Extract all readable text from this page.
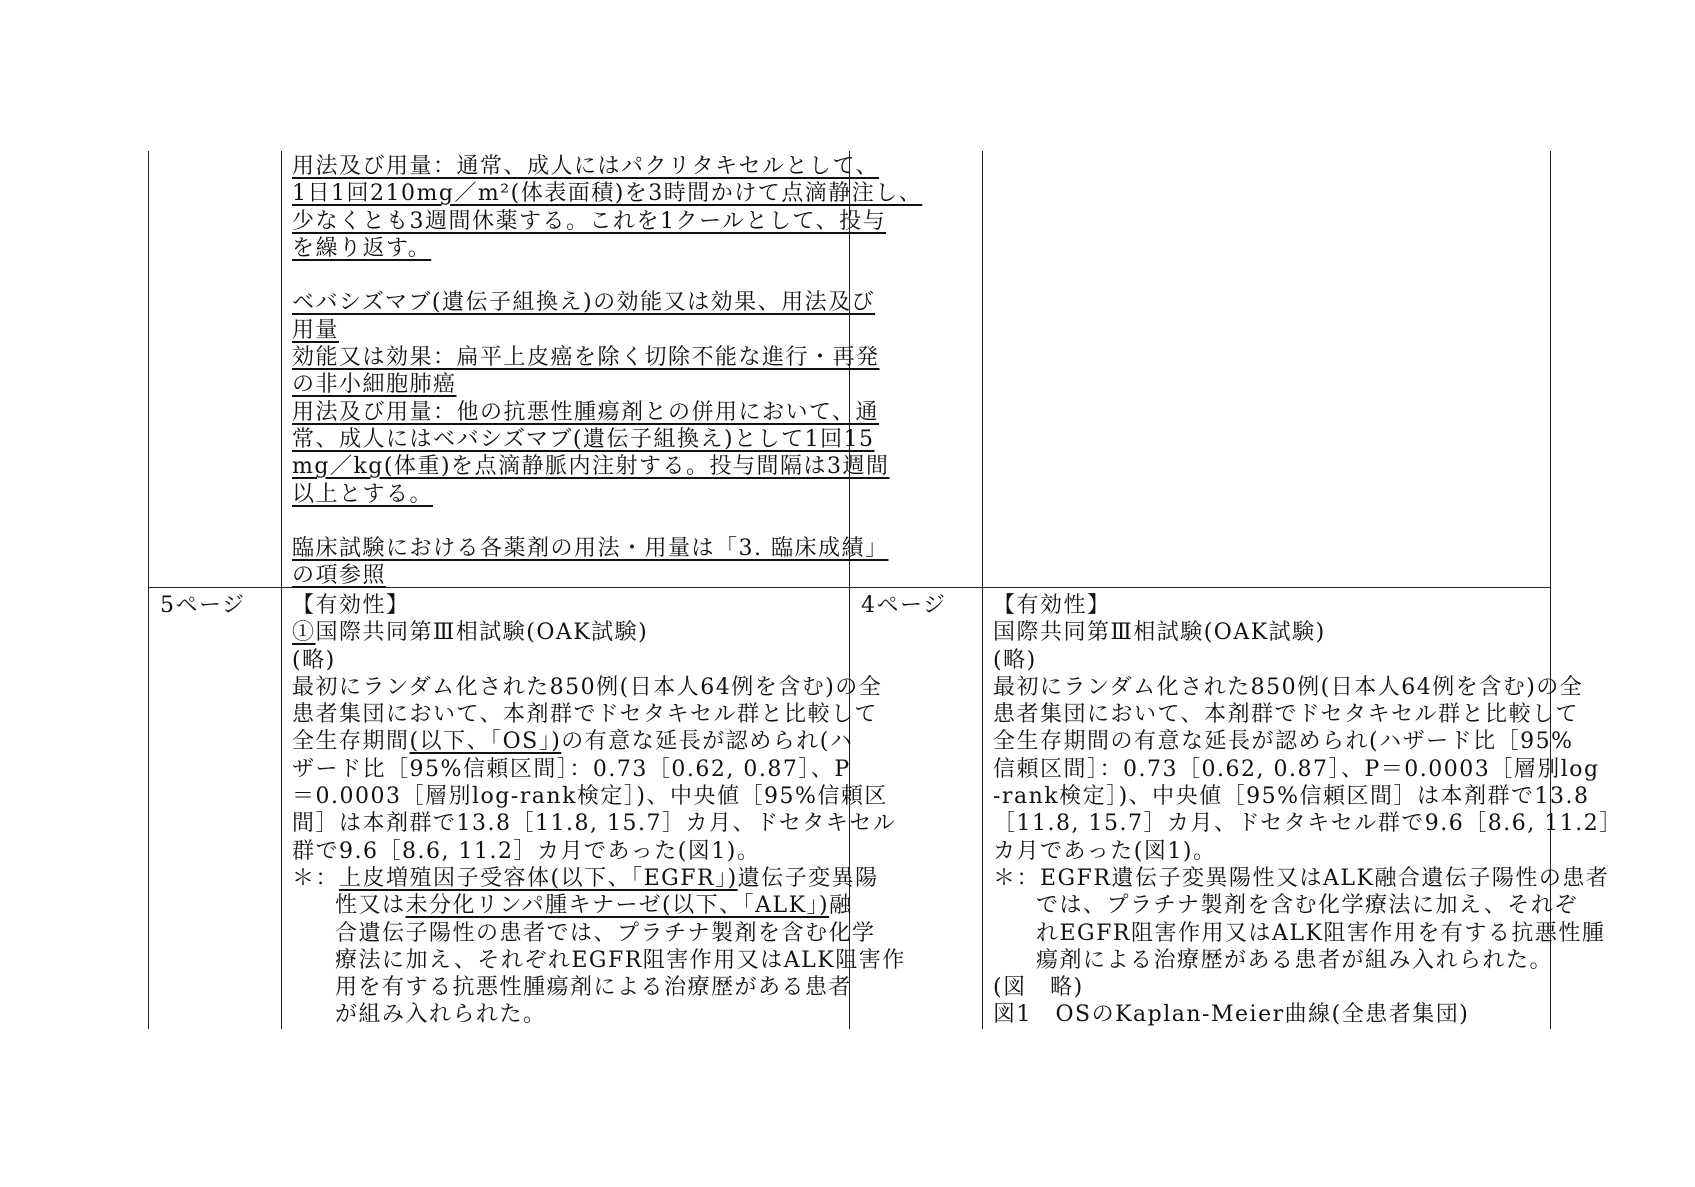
用法及び用量：通常、成人にはパクリタキセルとして、
1日1回210mg／m²(体表面積)を3時間かけて点滴静注し、
少なくとも3週間休薬する。これを1クールとして、投与
を繰り返す。
ベバシズマブ(遺伝子組換え)の効能又は効果、用法及び
用量
効能又は効果：扁平上皮癌を除く切除不能な進行・再発
の非小細胞肺癌
用法及び用量：他の抗悪性腫瘍剤との併用において、通
常、成人にはベバシズマブ(遺伝子組換え)として1回15
mg／kg(体重)を点滴静脈内注射する。投与間隔は3週間
以上とする。
臨床試験における各薬剤の用法・用量は「3. 臨床成績」
の項参照
5ページ 【有効性】
①国際共同第Ⅲ相試験(OAK試験)
(略)
最初にランダム化された850例(日本人64例を含む)の全
患者集団において、本剤群でドセタキセル群と比較して
全生存期間(以下、「OS」)の有意な延長が認められ(ハ
ザード比［95%信頼区間］：0.73［0.62, 0.87］、P
＝0.0003［層別log-rank検定］)、中央値［95%信頼区
間］は本剤群で13.8［11.8, 15.7］カ月、ドセタキセル
群で9.6［8.6, 11.2］カ月であった(図1)。
＊：上皮増殖因子受容体(以下、「EGFR」)遺伝子変異陽
性又は未分化リンパ腫キナーゼ(以下、「ALK」)融
合遺伝子陽性の患者では、プラチナ製剤を含む化学
療法に加え、それぞれEGFR阻害作用又はALK阻害作
用を有する抗悪性腫瘍剤による治療歴がある患者
が組み入れられた。
4ページ 【有効性】
国際共同第Ⅲ相試験(OAK試験)
(略)
最初にランダム化された850例(日本人64例を含む)の全
患者集団において、本剤群でドセタキセル群と比較して
全生存期間の有意な延長が認められ(ハザード比［95%
信頼区間］：0.73［0.62, 0.87］、P＝0.0003［層別log
-rank検定］)、中央値［95%信頼区間］は本剤群で13.8
［11.8, 15.7］カ月、ドセタキセル群で9.6［8.6, 11.2］
カ月であった(図1)。
＊：EGFR遺伝子変異陽性又はALK融合遺伝子陽性の患者
では、プラチナ製剤を含む化学療法に加え、それぞ
れEGFR阻害作用又はALK阻害作用を有する抗悪性腫
瘍剤による治療歴がある患者が組み入れられた。
(図　略)
図1　OSのKaplan-Meier曲線(全患者集団)
